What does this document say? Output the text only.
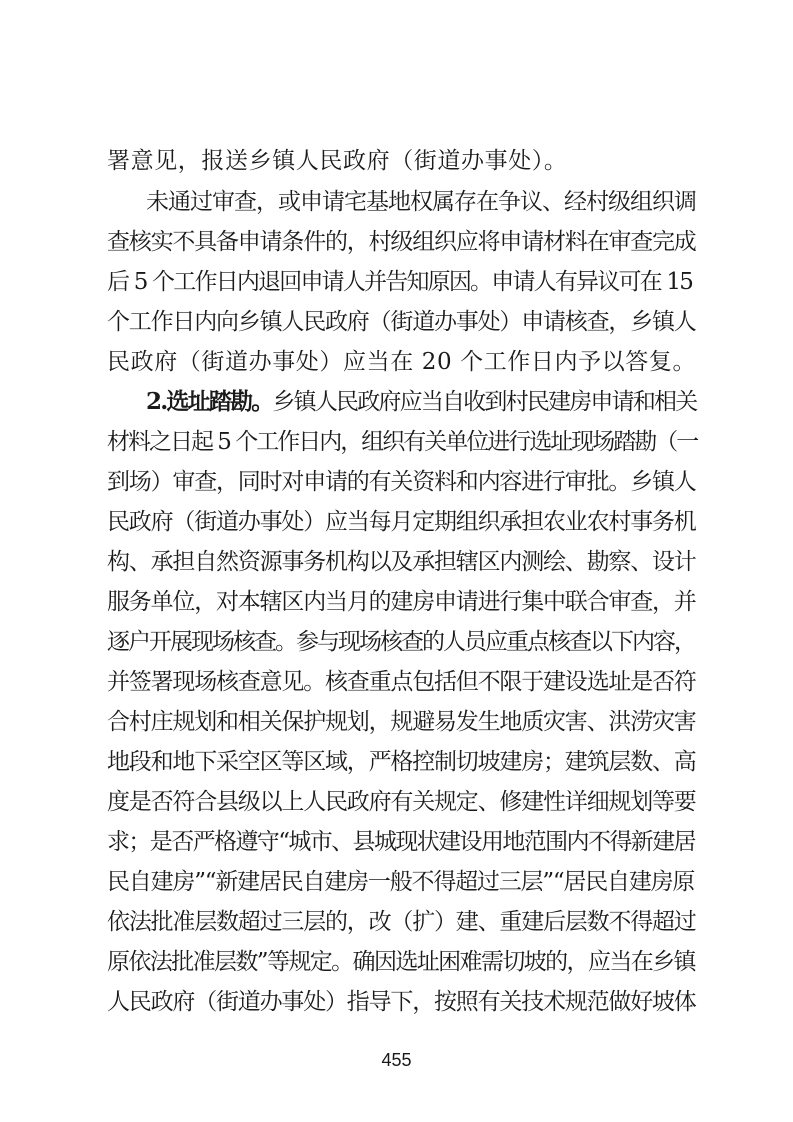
署意见，报送乡镇人民政府（街道办事处）。
未通过审查，或申请宅基地权属存在争议、经村级组织调
查核实不具备申请条件的，村级组织应将申请材料在审查完成
后 5 个工作日内退回申请人并告知原因。申请人有异议可在 15
个工作日内向乡镇人民政府（街道办事处）申请核查，乡镇人
民政府（街道办事处）应当在 20 个工作日内予以答复。
2.选址踏勘。乡镇人民政府应当自收到村民建房申请和相关
材料之日起 5 个工作日内，组织有关单位进行选址现场踏勘（一
到场）审查，同时对申请的有关资料和内容进行审批。乡镇人
民政府（街道办事处）应当每月定期组织承担农业农村事务机
构、承担自然资源事务机构以及承担辖区内测绘、勘察、设计
服务单位，对本辖区内当月的建房申请进行集中联合审查，并
逐户开展现场核查。参与现场核查的人员应重点核查以下内容，
并签署现场核查意见。核查重点包括但不限于建设选址是否符
合村庄规划和相关保护规划，规避易发生地质灾害、洪涝灾害
地段和地下采空区等区域，严格控制切坡建房；建筑层数、高
度是否符合县级以上人民政府有关规定、修建性详细规划等要
求；是否严格遵守“城市、县城现状建设用地范围内不得新建居
民自建房”“新建居民自建房一般不得超过三层”“居民自建房原
依法批准层数超过三层的，改（扩）建、重建后层数不得超过
原依法批准层数”等规定。确因选址困难需切坡的，应当在乡镇
人民政府（街道办事处）指导下，按照有关技术规范做好坡体
455
